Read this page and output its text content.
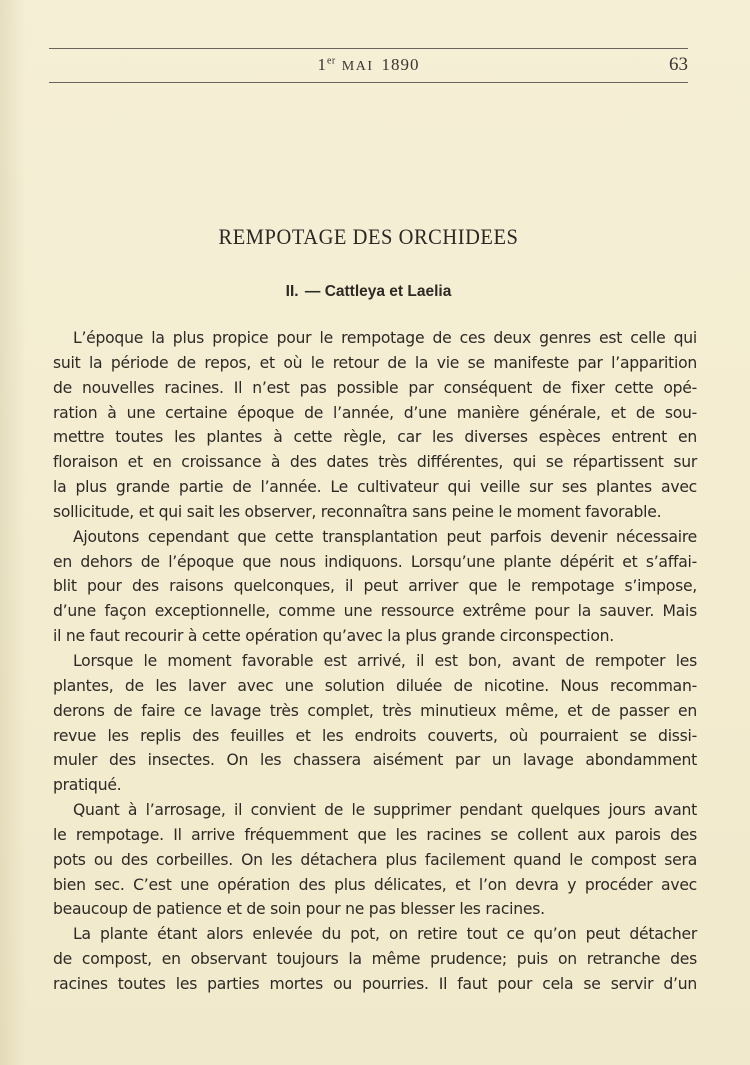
1er MAI 1890	63
REMPOTAGE DES ORCHIDEES
II. — Cattleya et Laelia
L’époque la plus propice pour le rempotage de ces deux genres est celle qui
suit la période de repos, et où le retour de la vie se manifeste par l’apparition
de nouvelles racines. Il n’est pas possible par conséquent de fixer cette opé-
ration à une certaine époque de l’année, d’une manière générale, et de sou-
mettre toutes les plantes à cette règle, car les diverses espèces entrent en
floraison et en croissance à des dates très différentes, qui se répartissent sur
la plus grande partie de l’année. Le cultivateur qui veille sur ses plantes avec
sollicitude, et qui sait les observer, reconnaîtra sans peine le moment favorable.
Ajoutons cependant que cette transplantation peut parfois devenir nécessaire
en dehors de l’époque que nous indiquons. Lorsqu’une plante dépérit et s’affai-
blit pour des raisons quelconques, il peut arriver que le rempotage s’impose,
d’une façon exceptionnelle, comme une ressource extrême pour la sauver. Mais
il ne faut recourir à cette opération qu’avec la plus grande circonspection.
Lorsque le moment favorable est arrivé, il est bon, avant de rempoter les
plantes, de les laver avec une solution diluée de nicotine. Nous recomman-
derons de faire ce lavage très complet, très minutieux même, et de passer en
revue les replis des feuilles et les endroits couverts, où pourraient se dissi-
muler des insectes. On les chassera aisément par un lavage abondamment
pratiqué.
Quant à l’arrosage, il convient de le supprimer pendant quelques jours avant
le rempotage. Il arrive fréquemment que les racines se collent aux parois des
pots ou des corbeilles. On les détachera plus facilement quand le compost sera
bien sec. C’est une opération des plus délicates, et l’on devra y procéder avec
beaucoup de patience et de soin pour ne pas blesser les racines.
La plante étant alors enlevée du pot, on retire tout ce qu’on peut détacher
de compost, en observant toujours la même prudence; puis on retranche des
racines toutes les parties mortes ou pourries. Il faut pour cela se servir d’un
